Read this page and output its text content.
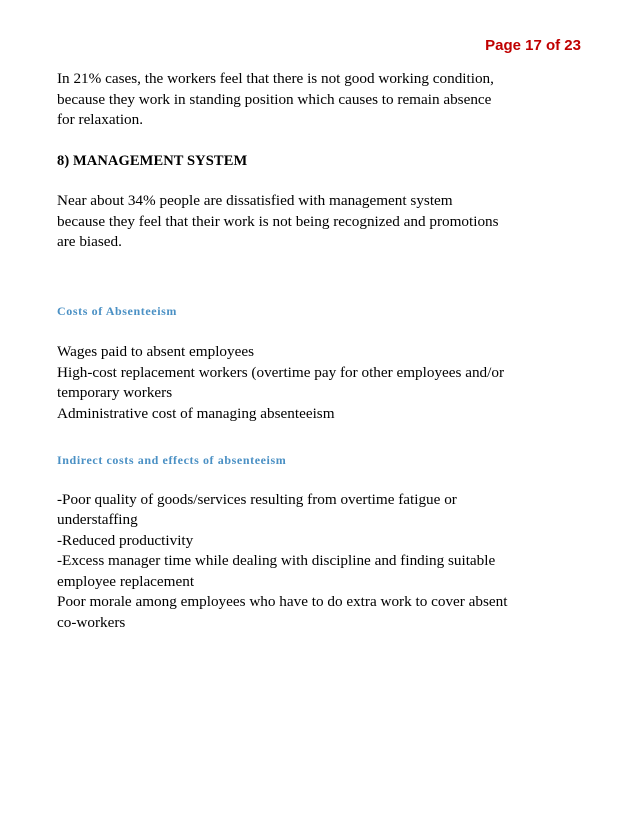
Page 17 of 23

In 21% cases, the workers feel that there is not good working condition,
because they work in standing position which causes to remain absence
for relaxation.

8) MANAGEMENT SYSTEM

Near about 34% people are dissatisfied with management system
because they feel that their work is not being recognized and promotions
are biased.

Costs of Absenteeism

Wages paid to absent employees

High-cost replacement workers (overtime pay for other employees and/or
temporary workers

Administrative cost of managing absenteeism

Indirect costs and effects of absenteeism

-Poor quality of goods/services resulting from overtime fatigue or
understaffing

-Reduced productivity

-Excess manager time while dealing with discipline and finding suitable
employee replacement

Poor morale among employees who have to do extra work to cover absent
co-workers
